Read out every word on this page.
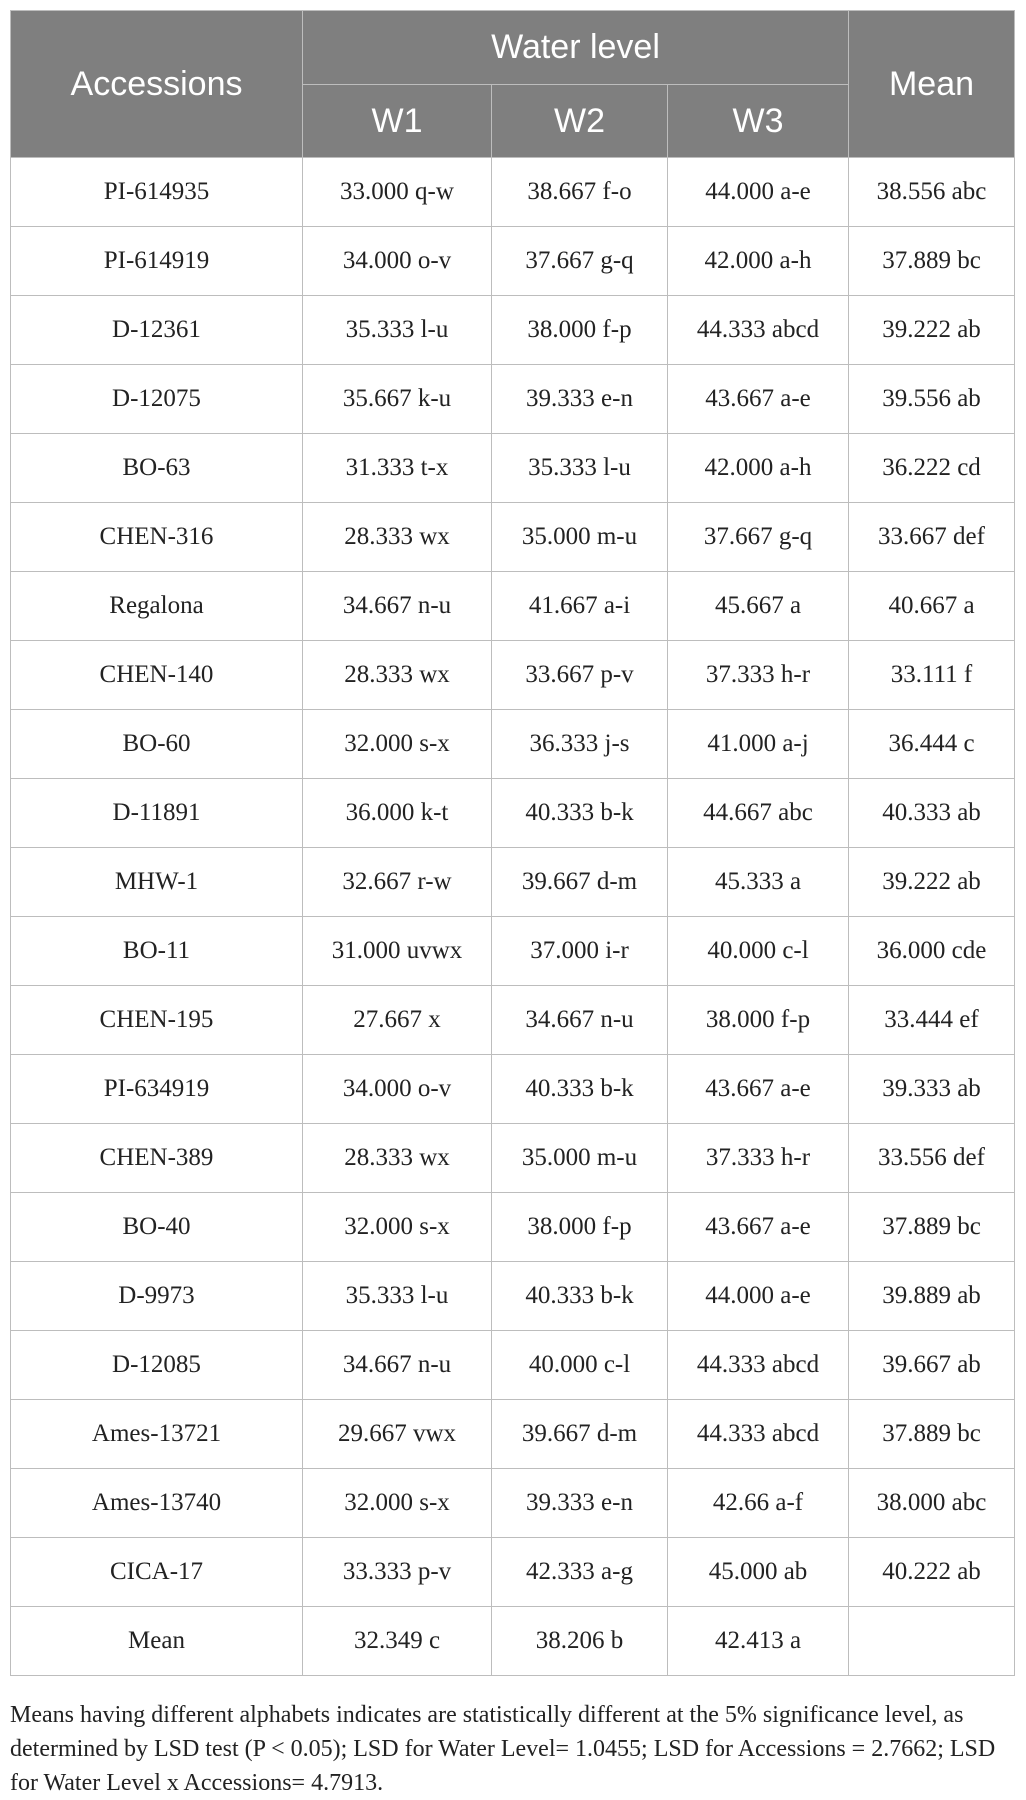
Accessions	Water level			Mean
	W1	W2	W3	
PI-614935	33.000 q-w	38.667 f-o	44.000 a-e	38.556 abc
PI-614919	34.000 o-v	37.667 g-q	42.000 a-h	37.889 bc
D-12361	35.333 l-u	38.000 f-p	44.333 abcd	39.222 ab
D-12075	35.667 k-u	39.333 e-n	43.667 a-e	39.556 ab
BO-63	31.333 t-x	35.333 l-u	42.000 a-h	36.222 cd
CHEN-316	28.333 wx	35.000 m-u	37.667 g-q	33.667 def
Regalona	34.667 n-u	41.667 a-i	45.667 a	40.667 a
CHEN-140	28.333 wx	33.667 p-v	37.333 h-r	33.111 f
BO-60	32.000 s-x	36.333 j-s	41.000 a-j	36.444 c
D-11891	36.000 k-t	40.333 b-k	44.667 abc	40.333 ab
MHW-1	32.667 r-w	39.667 d-m	45.333 a	39.222 ab
BO-11	31.000 uvwx	37.000 i-r	40.000 c-l	36.000 cde
CHEN-195	27.667 x	34.667 n-u	38.000 f-p	33.444 ef
PI-634919	34.000 o-v	40.333 b-k	43.667 a-e	39.333 ab
CHEN-389	28.333 wx	35.000 m-u	37.333 h-r	33.556 def
BO-40	32.000 s-x	38.000 f-p	43.667 a-e	37.889 bc
D-9973	35.333 l-u	40.333 b-k	44.000 a-e	39.889 ab
D-12085	34.667 n-u	40.000 c-l	44.333 abcd	39.667 ab
Ames-13721	29.667 vwx	39.667 d-m	44.333 abcd	37.889 bc
Ames-13740	32.000 s-x	39.333 e-n	42.66 a-f	38.000 abc
CICA-17	33.333 p-v	42.333 a-g	45.000 ab	40.222 ab
Mean	32.349 c	38.206 b	42.413 a	

Means having different alphabets indicates are statistically different at the 5% significance level, as determined by LSD test (P < 0.05); LSD for Water Level= 1.0455; LSD for Accessions = 2.7662; LSD for Water Level x Accessions= 4.7913.
